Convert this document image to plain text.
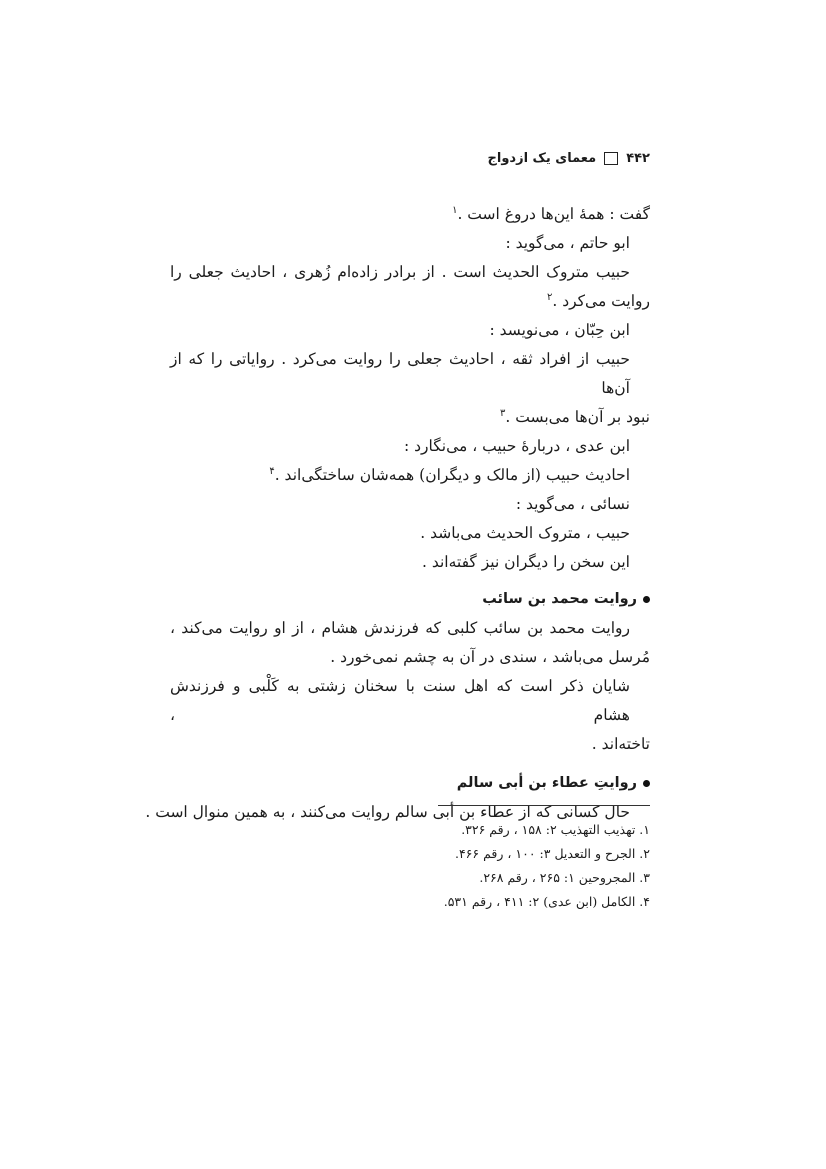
۴۴۲
معمای یک ازدواج
گفت : همهٔ این‌ها دروغ است .$^۱$
ابو حاتم ، می‌گوید :
حبیب متروک الحدیث است . از برادر زاده‌ام زُهری ، احادیث جعلی را
روایت می‌کرد .$^۲$
ابن حِبّان ، می‌نویسد :
حبیب از افراد ثقه ، احادیث جعلی را روایت می‌کرد . روایاتی را که از آن‌ها
نبود بر آن‌ها می‌بست .$^۳$
ابن عدی ، دربارهٔ حبیب ، می‌نگارد :
احادیث حبیب (از مالک و دیگران) همه‌شان ساختگی‌اند .$^۴$
نسائی ، می‌گوید :
حبیب ، متروک الحدیث می‌باشد .
این سخن را دیگران نیز گفته‌اند .
روایت محمد بن سائب
روایت محمد بن سائب کلبی که فرزندش هشام ، از او روایت می‌کند ،
مُرسل می‌باشد ، سندی در آن به چشم نمی‌خورد .
شایان ذکر است که اهل سنت با سخنان زشتی به کَلْبی و فرزندش هشام ،
تاخته‌اند .
روایتِ عطاء بن أبی سالم
حال کسانی که از عطاء بن أبی سالم روایت می‌کنند ، به همین منوال است .
۱. تهذیب التهذیب ۲: ۱۵۸ ، رقم ۳۲۶.
۲. الجرح و التعدیل ۳: ۱۰۰ ، رقم ۴۶۶.
۳. المجروحین ۱: ۲۶۵ ، رقم ۲۶۸.
۴. الکامل (ابن عدی) ۲: ۴۱۱ ، رقم ۵۳۱.
